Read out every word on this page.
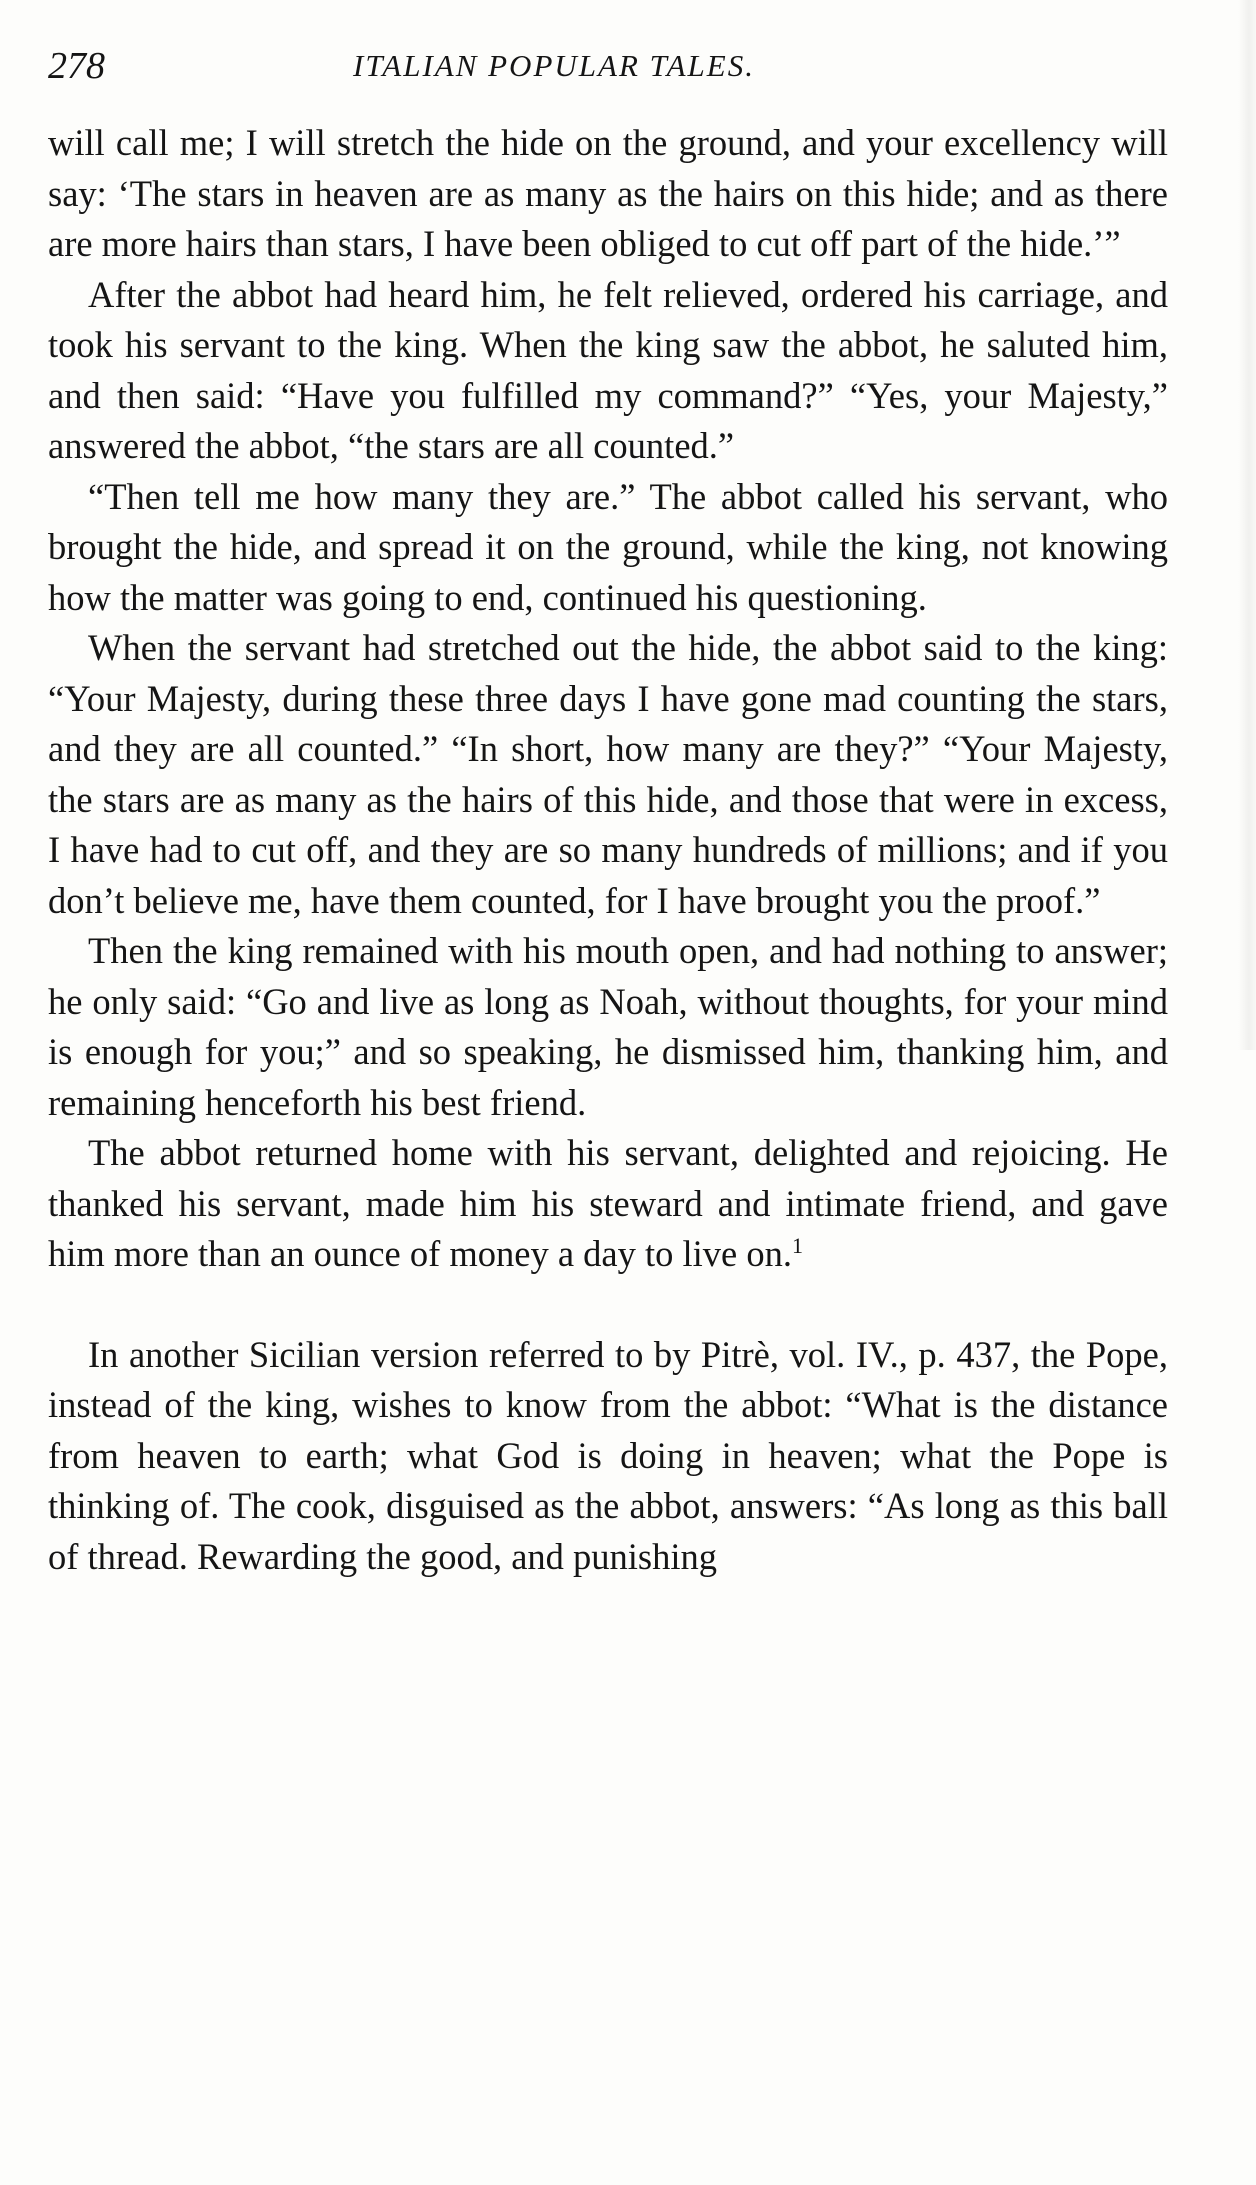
278	ITALIAN POPULAR TALES.

will call me; I will stretch the hide on the ground, and your excellency will say: ‘The stars in heaven are as many as the hairs on this hide; and as there are more hairs than stars, I have been obliged to cut off part of the hide.’”

After the abbot had heard him, he felt relieved, ordered his carriage, and took his servant to the king. When the king saw the abbot, he saluted him, and then said: “Have you fulfilled my command?” “Yes, your Majesty,” answered the abbot, “the stars are all counted.”

“Then tell me how many they are.” The abbot called his servant, who brought the hide, and spread it on the ground, while the king, not knowing how the matter was going to end, continued his questioning.

When the servant had stretched out the hide, the abbot said to the king: “Your Majesty, during these three days I have gone mad counting the stars, and they are all counted.” “In short, how many are they?” “Your Majesty, the stars are as many as the hairs of this hide, and those that were in excess, I have had to cut off, and they are so many hundreds of millions; and if you don’t believe me, have them counted, for I have brought you the proof.”

Then the king remained with his mouth open, and had nothing to answer; he only said: “Go and live as long as Noah, without thoughts, for your mind is enough for you;” and so speaking, he dismissed him, thanking him, and remaining henceforth his best friend.

The abbot returned home with his servant, delighted and rejoicing. He thanked his servant, made him his steward and intimate friend, and gave him more than an ounce of money a day to live on.$^1$

In another Sicilian version referred to by Pitrè, vol. IV., p. 437, the Pope, instead of the king, wishes to know from the abbot: “What is the distance from heaven to earth; what God is doing in heaven; what the Pope is thinking of. The cook, disguised as the abbot, answers: “As long as this ball of thread. Rewarding the good, and punishing
